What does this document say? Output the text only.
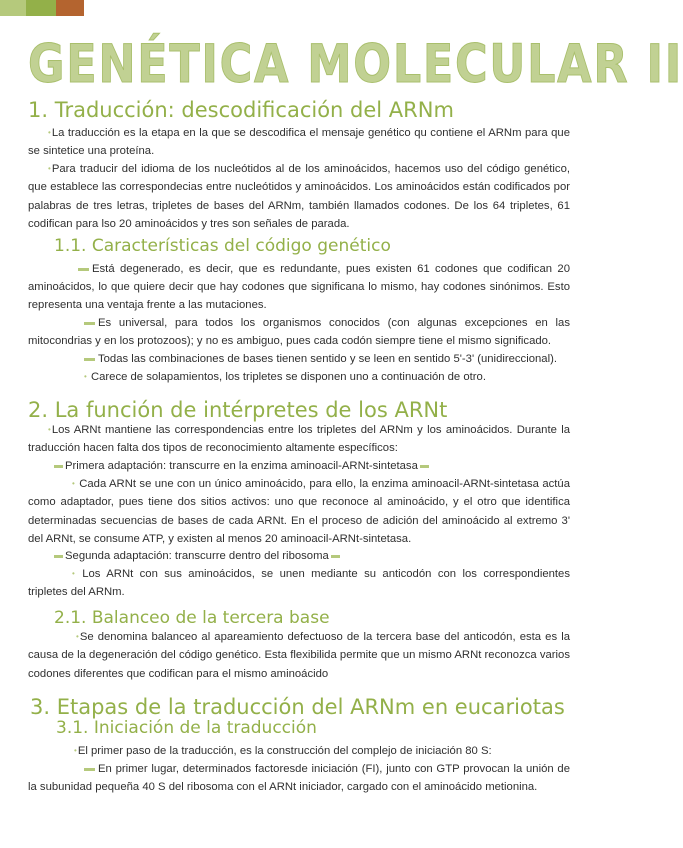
GENÉTICA MOLECULAR II
1. Traducción: descodificación del ARNm
•La traducción es la etapa en la que se descodifica el mensaje genético qu contiene el ARNm para que se sintetice una proteína.
•Para traducir del idioma de los nucleótidos al de los aminoácidos, hacemos uso del código genético, que establece las correspondecias entre nucleótidos y aminoácidos. Los aminoácidos están codificados por palabras de tres letras, tripletes de bases del ARNm, también llamados codones. De los 64 tripletes, 61 codifican para lso 20 aminoácidos y tres son señales de parada.
1.1. Características del código genético
Está degenerado, es decir, que es redundante, pues existen 61 codones que codifican 20 aminoácidos, lo que quiere decir que hay codones que significana lo mismo, hay codones sinónimos. Esto representa una ventaja frente a las mutaciones.
Es universal, para todos los organismos conocidos (con algunas excepciones en las mitocondrias y en los protozoos); y no es ambiguo, pues cada codón siempre tiene el mismo significado.
Todas las combinaciones de bases tienen sentido y se leen en sentido 5'-3' (unidireccional).
• Carece de solapamientos, los tripletes se disponen uno a continuación de otro.
2. La función de intérpretes de los ARNt
•Los ARNt mantiene las correspondencias entre los tripletes del ARNm y los aminoácidos. Durante la traducción hacen falta dos tipos de reconocimiento altamente específicos:
Primera adaptación: transcurre en la enzima aminoacil-ARNt-sintetasa
• Cada ARNt se une con un único aminoácido, para ello, la enzima aminoacil-ARNt-sintetasa actúa como adaptador, pues tiene dos sitios activos: uno que reconoce al aminoácido, y el otro que identifica determinadas secuencias de bases de cada ARNt. En el proceso de adición del aminoácido al extremo 3' del ARNt, se consume ATP, y existen al menos 20 aminoacil-ARNt-sintetasa.
Segunda adaptación: transcurre dentro del ribosoma
• Los ARNt con sus aminoácidos, se unen mediante su anticodón con los correspondientes tripletes del ARNm.
2.1. Balanceo de la tercera base
•Se denomina balanceo al apareamiento defectuoso de la tercera base del anticodón, esta es la causa de la degeneración del código genético. Esta flexibilida permite que un mismo ARNt reconozca varios codones diferentes que codifican para el mismo aminoácido
3. Etapas de la traducción del ARNm en eucariotas
3.1. Iniciación de la traducción
•El primer paso de la traducción, es la construcción del complejo de iniciación 80 S:
En primer lugar, determinados factoresde iniciación (FI), junto con GTP provocan la unión de la subunidad pequeña 40 S del ribosoma con el ARNt iniciador, cargado con el aminoácido metionina.
